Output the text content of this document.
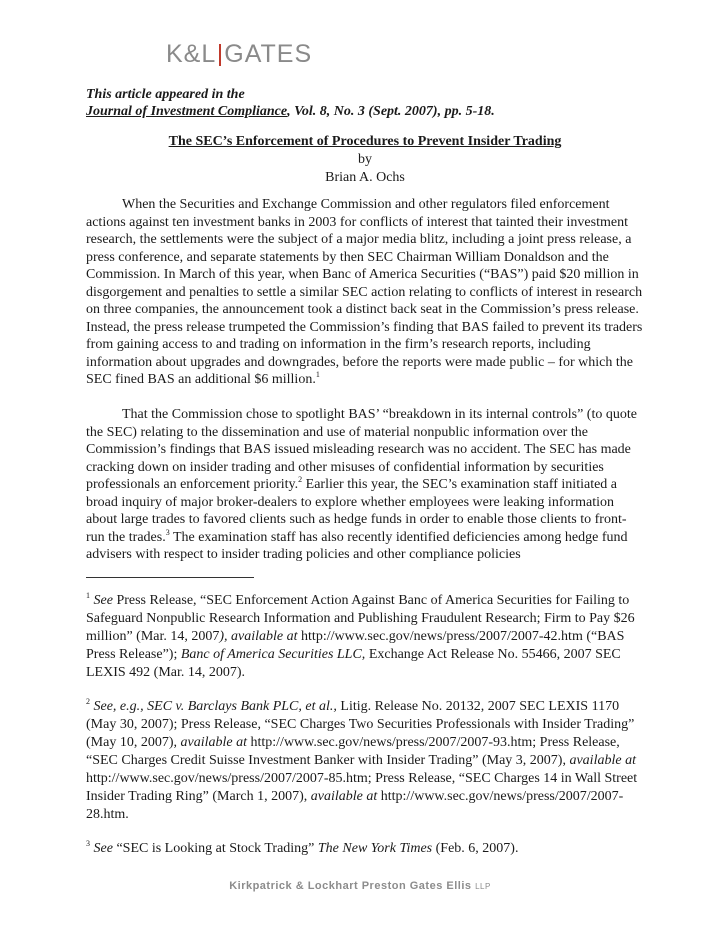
K&L GATES
This article appeared in the
Journal of Investment Compliance, Vol. 8, No. 3 (Sept. 2007), pp. 5-18.
The SEC’s Enforcement of Procedures to Prevent Insider Trading
by
Brian A. Ochs

When the Securities and Exchange Commission and other regulators filed enforcement actions against ten investment banks in 2003 for conflicts of interest that tainted their investment research, the settlements were the subject of a major media blitz, including a joint press release, a press conference, and separate statements by then SEC Chairman William Donaldson and the Commission. In March of this year, when Banc of America Securities (“BAS”) paid $20 million in disgorgement and penalties to settle a similar SEC action relating to conflicts of interest in research on three companies, the announcement took a distinct back seat in the Commission’s press release. Instead, the press release trumpeted the Commission’s finding that BAS failed to prevent its traders from gaining access to and trading on information in the firm’s research reports, including information about upgrades and downgrades, before the reports were made public – for which the SEC fined BAS an additional $6 million.$^1$

That the Commission chose to spotlight BAS’ “breakdown in its internal controls” (to quote the SEC) relating to the dissemination and use of material nonpublic information over the Commission’s findings that BAS issued misleading research was no accident. The SEC has made cracking down on insider trading and other misuses of confidential information by securities professionals an enforcement priority.$^2$ Earlier this year, the SEC’s examination staff initiated a broad inquiry of major broker-dealers to explore whether employees were leaking information about large trades to favored clients such as hedge funds in order to enable those clients to front-run the trades.$^3$ The examination staff has also recently identified deficiencies among hedge fund advisers with respect to insider trading policies and other compliance policies

$^1$ See Press Release, “SEC Enforcement Action Against Banc of America Securities for Failing to Safeguard Nonpublic Research Information and Publishing Fraudulent Research; Firm to Pay $26 million” (Mar. 14, 2007), available at http://www.sec.gov/news/press/2007/2007-42.htm (“BAS Press Release”); Banc of America Securities LLC, Exchange Act Release No. 55466, 2007 SEC LEXIS 492 (Mar. 14, 2007).

$^2$ See, e.g., SEC v. Barclays Bank PLC, et al., Litig. Release No. 20132, 2007 SEC LEXIS 1170 (May 30, 2007); Press Release, “SEC Charges Two Securities Professionals with Insider Trading” (May 10, 2007), available at http://www.sec.gov/news/press/2007/2007-93.htm; Press Release, “SEC Charges Credit Suisse Investment Banker with Insider Trading” (May 3, 2007), available at http://www.sec.gov/news/press/2007/2007-85.htm; Press Release, “SEC Charges 14 in Wall Street Insider Trading Ring” (March 1, 2007), available at http://www.sec.gov/news/press/2007/2007-28.htm.

$^3$ See “SEC is Looking at Stock Trading” The New York Times (Feb. 6, 2007).

Kirkpatrick & Lockhart Preston Gates Ellis LLP
